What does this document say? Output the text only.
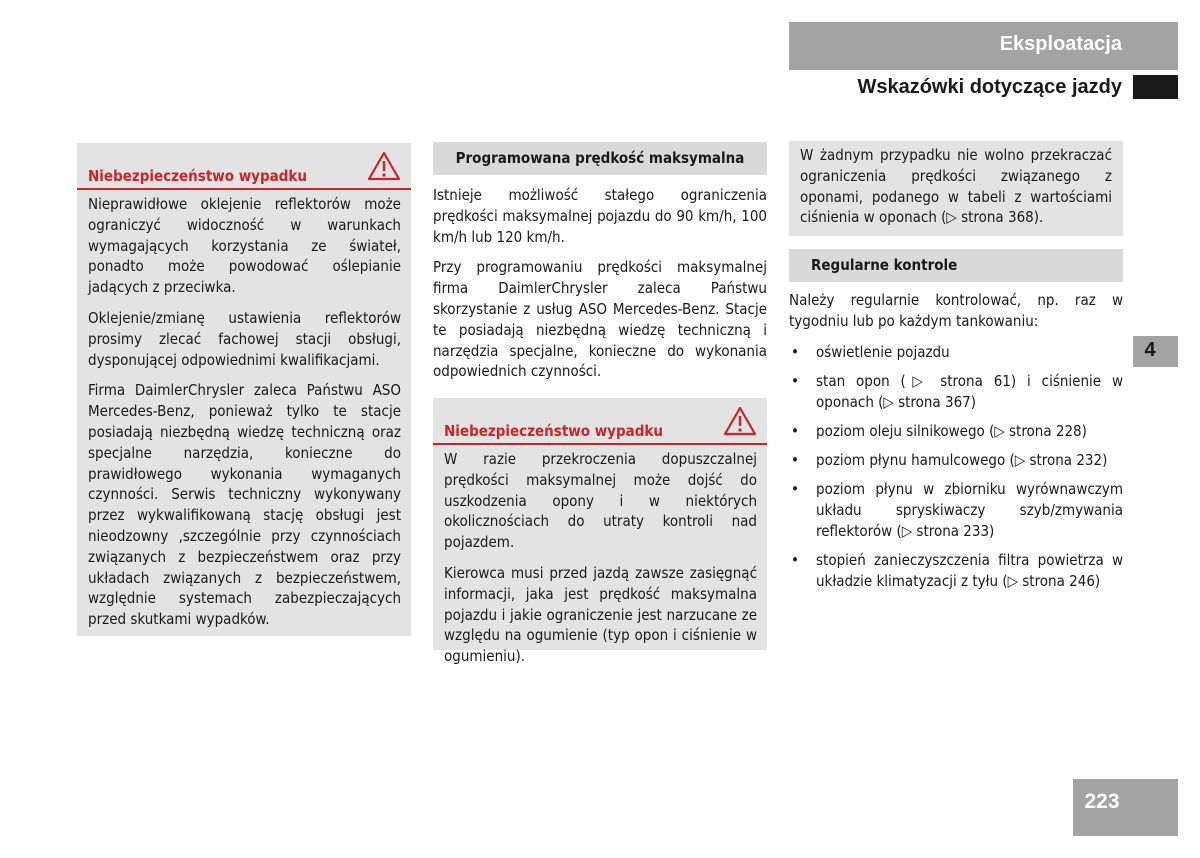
Eksploatacja
Wskazówki dotyczące jazdy
4
223
Niebezpieczeństwo wypadku

Nieprawidłowe oklejenie reflektorów może ograniczyć widoczność w warunkach wymagających korzystania ze świateł, ponadto może powodować oślepianie jadących z przeciwka.

Oklejenie/zmianę ustawienia reflektorów prosimy zlecać fachowej stacji obsługi, dysponującej odpowiednimi kwalifikacjami.

Firma DaimlerChrysler zaleca Państwu ASO Mercedes-Benz, ponieważ tylko te stacje posiadają niezbędną wiedzę techniczną oraz specjalne narzędzia, konieczne do prawidłowego wykonania wymaganych czynności. Serwis techniczny wykonywany przez wykwalifikowaną stację obsługi jest nieodzowny ,szczególnie przy czynnościach związanych z bezpieczeństwem oraz przy układach związanych z bezpieczeństwem, względnie systemach zabezpieczających przed skutkami wypadków.

Programowana prędkość maksymalna

Istnieje możliwość stałego ograniczenia prędkości maksymalnej pojazdu do 90 km/h, 100 km/h lub 120 km/h.

Przy programowaniu prędkości maksymalnej firma DaimlerChrysler zaleca Państwu skorzystanie z usług ASO Mercedes-Benz. Stacje te posiadają niezbędną wiedzę techniczną i narzędzia specjalne, konieczne do wykonania odpowiednich czynności.

Niebezpieczeństwo wypadku

W razie przekroczenia dopuszczalnej prędkości maksymalnej może dojść do uszkodzenia opony i w niektórych okolicznościach do utraty kontroli nad pojazdem.

Kierowca musi przed jazdą zawsze zasięgnąć informacji, jaka jest prędkość maksymalna pojazdu i jakie ograniczenie jest narzucane ze względu na ogumienie (typ opon i ciśnienie w ogumieniu).

W żadnym przypadku nie wolno przekraczać ograniczenia prędkości związanego z oponami, podanego w tabeli z wartościami ciśnienia w oponach (▷ strona 368).

Regularne kontrole

Należy regularnie kontrolować, np. raz w tygodniu lub po każdym tankowaniu:

• oświetlenie pojazdu
• stan opon (▷ strona 61) i ciśnienie w oponach (▷ strona 367)
• poziom oleju silnikowego (▷ strona 228)
• poziom płynu hamulcowego (▷ strona 232)
• poziom płynu w zbiorniku wyrównawczym układu spryskiwaczy szyb/zmywania reflektorów (▷ strona 233)
• stopień zanieczyszczenia filtra powietrza w układzie klimatyzacji z tyłu (▷ strona 246)
